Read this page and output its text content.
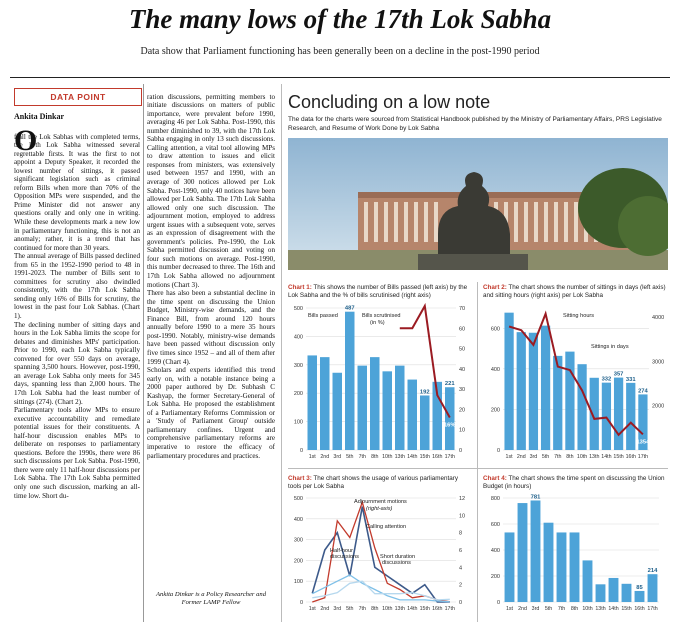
The many lows of the 17th Lok Sabha
Data show that Parliament functioning has been generally been on a decline in the post-1990 period
DATA POINT
Ankita Dinkar
O

f all the Lok Sabhas with completed terms, the 17th Lok Sabha witnessed several regrettable firsts. It was the first to not appoint a Deputy Speaker, it recorded the lowest number of sittings, it passed significant legislation such as criminal reform Bills when more than 70% of the Opposition MPs were suspended, and the Prime Minister did not answer any questions orally and only one in writing. While these developments mark a new low in parliamentary functioning, this is not an anomaly; rather, it is a trend that has continued for more than 30 years.
The annual average of Bills passed declined from 65 in the 1952-1990 period to 48 in 1991-2023. The number of Bills sent to committees for scrutiny also dwindled consistently, with the 17th Lok Sabha sending only 16% of Bills for scrutiny, the lowest in the past four Lok Sabhas. (Chart 1).
The declining number of sitting days and hours in the Lok Sabha limits the scope for debates and diminishes MPs' participation. Prior to 1990, each Lok Sabha typically convened for over 550 days on average, spanning 3,500 hours. However, post-1990, an average Lok Sabha only meets for 345 days, spanning less than 2,000 hours. The 17th Lok Sabha had the least number of sittings (274). (Chart 2).
Parliamentary tools allow MPs to ensure executive accountability and remediate potential issues for their constituents. A half-hour discussion enables MPs to deliberate on responses to parliamentary questions. Before the 1990s, there were 86 such discussions per Lok Sabha. Post-1990, there were only 11 half-hour discussions per Lok Sabha. The 17th Lok Sabha permitted only one such discussion, marking an all-time low. Short du-

ration discussions, permitting members to initiate discussions on matters of public importance, were prevalent before 1990, averaging 46 per Lok Sabha. Post-1990, this number diminished to 39, with the 17th Lok Sabha engaging in only 13 such discussions. Calling attention, a vital tool allowing MPs to draw attention to issues and elicit responses from ministers, was extensively used between 1957 and 1990, with an average of 300 notices allowed per Lok Sabha. Post-1990, only 40 notices have been allowed per Lok Sabha. The 17th Lok Sabha allowed only one such discussion. The adjournment motion, employed to address urgent issues with a subsequent vote, serves as an expression of disagreement with the government's policies. Pre-1990, the Lok Sabha permitted discussion and voting on four such motions on average. Post-1990, this number decreased to three. The 16th and 17th Lok Sabha allowed no adjournment motions (Chart 3).
There has also been a substantial decline in the time spent on discussing the Union Budget, Ministry-wise demands, and the Finance Bill, from around 120 hours annually before 1990 to a mere 35 hours post-1990. Notably, ministry-wise demands have been passed without discussion only five times since 1952 – and all of them after 1999 (Chart 4).
Scholars and experts identified this trend early on, with a notable instance being a 2000 paper authored by Dr. Subhash C Kashyap, the former Secretary-General of Lok Sabha. He proposed the establishment of a Parliamentary Reforms Commission or a 'Study of Parliament Group' outside parliamentary confines. Urgent and comprehensive parliamentary reforms are imperative to restore the efficacy of parliamentary procedures and practices.

Ankita Dinkar is a Policy Researcher and Former LAMP Fellow
Concluding on a low note
The data for the charts were sourced from Statistical Handbook published by the Ministry of Parliamentary Affairs, PRS Legislative Research, and Resume of Work Done by Lok Sabha
Chart 1: This shows the number of Bills passed (left axis) by the Lok Sabha and the % of bills scrutinised (right axis)
0
100
200
300
400
500
0
10
20
30
40
50
60
70
1st 2nd 3rd 5th 7th 8th 10th 13th 14th 15th 16th 17th
487
192
221
16%
Bills passed	Bills scrutinised
(in %)
Chart 2: The chart shows the number of sittings in days (left axis) and sitting hours (right axis) per Lok Sabha
0
200
400
600
2000
3000
4000
1st 2nd 3rd 5th 7th 8th 10th 13th 14th 15th 16th 17th
332
357
331
274
1354
Sitting hours
Sittings in days
Chart 3: The chart shows the usage of various parliamentary tools per Lok Sabha
0
100
200
300
400
500
0
2
4
6
8
10
12
1st 2nd 3rd 5th 7th 8th 10th 13th 14th 15th 16th 17th
Adjournment motions
(right-axis)
Calling attention
Half-hour
discussions	Short duration
discussions
Chart 4: The chart shows the time spent on discussing the Union Budget (in hours)
0
200
400
600
800
1st 2nd 3rd 5th 7th 8th 10th 13th 14th 15th 16th 17th
781
85
214
